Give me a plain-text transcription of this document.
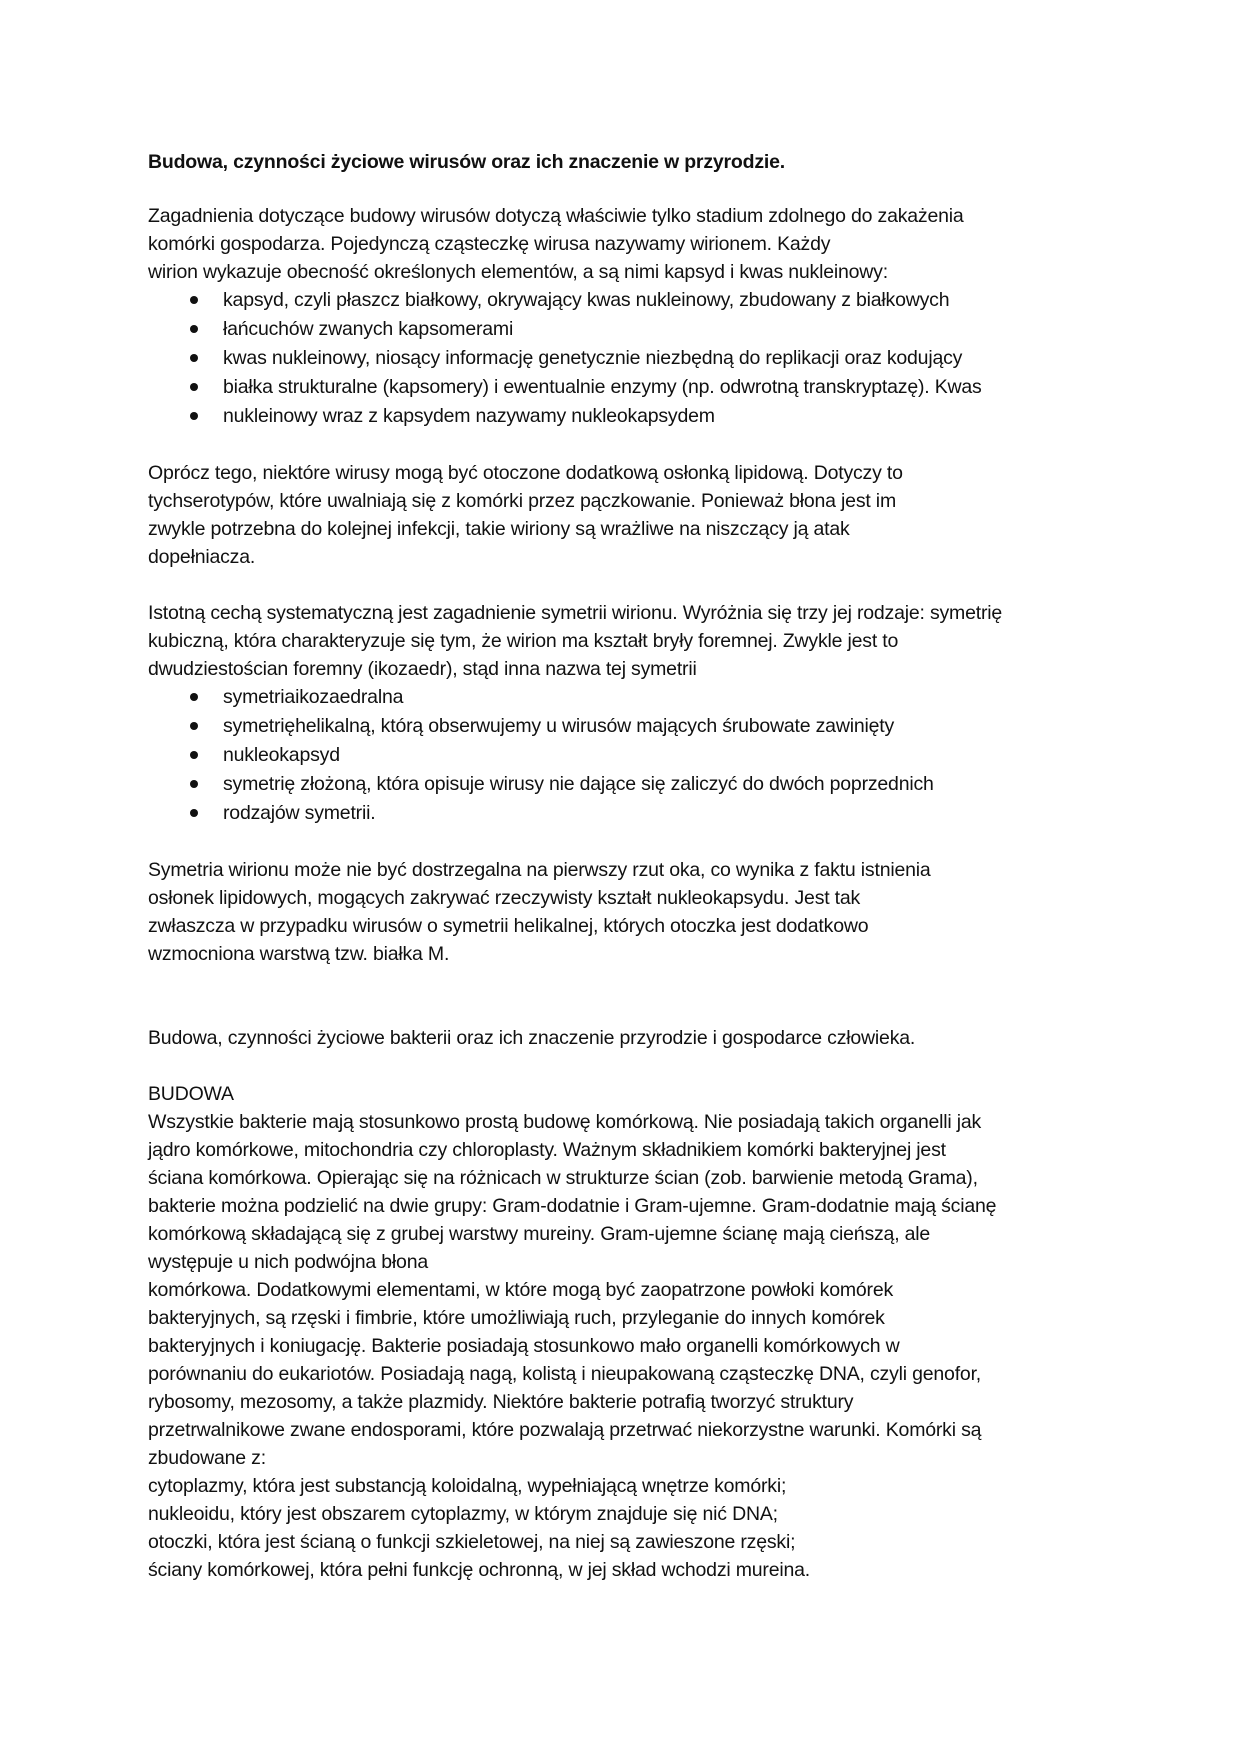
Budowa, czynności życiowe wirusów oraz ich znaczenie w przyrodzie.

Zagadnienia dotyczące budowy wirusów dotyczą właściwie tylko stadium zdolnego do zakażenia
komórki gospodarza. Pojedynczą cząsteczkę wirusa nazywamy wirionem. Każdy
wirion wykazuje obecność określonych elementów, a są nimi kapsyd i kwas nukleinowy:
kapsyd, czyli płaszcz białkowy, okrywający kwas nukleinowy, zbudowany z białkowych
łańcuchów zwanych kapsomerami
kwas nukleinowy, niosący informację genetycznie niezbędną do replikacji oraz kodujący
białka strukturalne (kapsomery) i ewentualnie enzymy (np. odwrotną transkryptazę). Kwas
nukleinowy wraz z kapsydem nazywamy nukleokapsydem
Oprócz tego, niektóre wirusy mogą być otoczone dodatkową osłonką lipidową. Dotyczy to
tychserotypów, które uwalniają się z komórki przez pączkowanie. Ponieważ błona jest im
zwykle potrzebna do kolejnej infekcji, takie wiriony są wrażliwe na niszczący ją atak
dopełniacza.
Istotną cechą systematyczną jest zagadnienie symetrii wirionu. Wyróżnia się trzy jej rodzaje: symetrię
kubiczną, która charakteryzuje się tym, że wirion ma kształt bryły foremnej. Zwykle jest to
dwudziestościan foremny (ikozaedr), stąd inna nazwa tej symetrii
symetriaikozaedralna
symetrięhelikalną, którą obserwujemy u wirusów mających śrubowate zawinięty
nukleokapsyd
symetrię złożoną, która opisuje wirusy nie dające się zaliczyć do dwóch poprzednich
rodzajów symetrii.
Symetria wirionu może nie być dostrzegalna na pierwszy rzut oka, co wynika z faktu istnienia
osłonek lipidowych, mogących zakrywać rzeczywisty kształt nukleokapsydu. Jest tak
zwłaszcza w przypadku wirusów o symetrii helikalnej, których otoczka jest dodatkowo
wzmocniona warstwą tzw. białka M.

Budowa, czynności życiowe bakterii oraz ich znaczenie przyrodzie i gospodarce człowieka.

BUDOWA

Wszystkie bakterie mają stosunkowo prostą budowę komórkową. Nie posiadają takich organelli jak
jądro komórkowe, mitochondria czy chloroplasty. Ważnym składnikiem komórki bakteryjnej jest
ściana komórkowa. Opierając się na różnicach w strukturze ścian (zob. barwienie metodą Grama),
bakterie można podzielić na dwie grupy: Gram-dodatnie i Gram-ujemne. Gram-dodatnie mają ścianę
komórkową składającą się z grubej warstwy mureiny. Gram-ujemne ścianę mają cieńszą, ale
występuje u nich podwójna błona
komórkowa. Dodatkowymi elementami, w które mogą być zaopatrzone powłoki komórek
bakteryjnych, są rzęski i fimbrie, które umożliwiają ruch, przyleganie do innych komórek
bakteryjnych i koniugację. Bakterie posiadają stosunkowo mało organelli komórkowych w
porównaniu do eukariotów. Posiadają nagą, kolistą i nieupakowaną cząsteczkę DNA, czyli genofor,
rybosomy, mezosomy, a także plazmidy. Niektóre bakterie potrafią tworzyć struktury
przetrwalnikowe zwane endosporami, które pozwalają przetrwać niekorzystne warunki. Komórki są
zbudowane z:
cytoplazmy, która jest substancją koloidalną, wypełniającą wnętrze komórki;
nukleoidu, który jest obszarem cytoplazmy, w którym znajduje się nić DNA;
otoczki, która jest ścianą o funkcji szkieletowej, na niej są zawieszone rzęski;
ściany komórkowej, która pełni funkcję ochronną, w jej skład wchodzi mureina.
